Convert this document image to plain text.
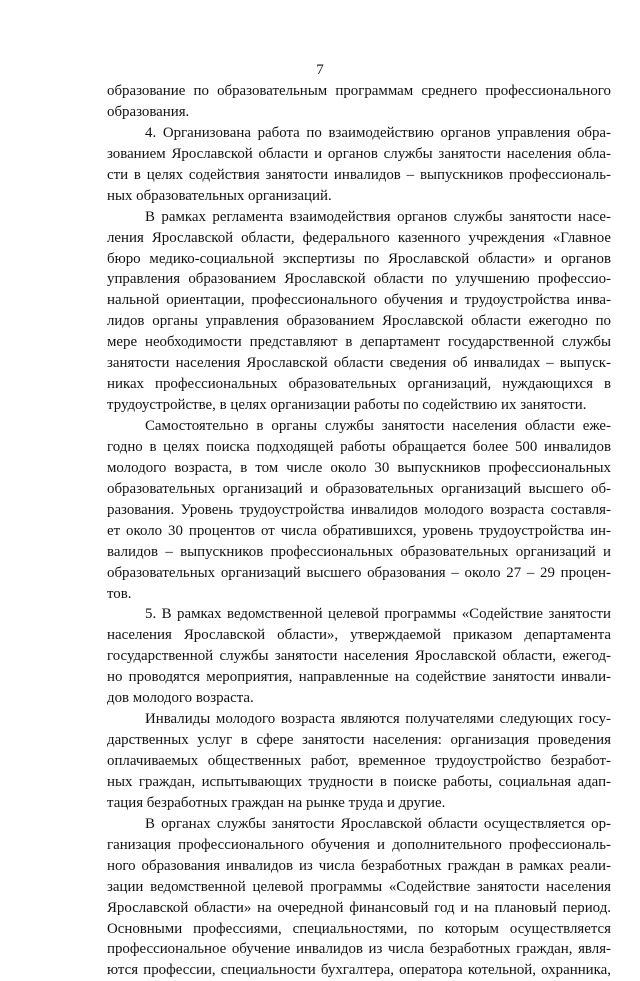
7
образование по образовательным программам среднего профессионального
образования.
4. Организована работа по взаимодействию органов управления обра-
зованием Ярославской области и органов службы занятости населения обла-
сти в целях содействия занятости инвалидов – выпускников профессиональ-
ных образовательных организаций.
В рамках регламента взаимодействия органов службы занятости насе-
ления Ярославской области, федерального казенного учреждения «Главное
бюро медико-социальной экспертизы по Ярославской области» и органов
управления образованием Ярославской области по улучшению профессио-
нальной ориентации, профессионального обучения и трудоустройства инва-
лидов органы управления образованием Ярославской области ежегодно по
мере необходимости представляют в департамент государственной службы
занятости населения Ярославской области сведения об инвалидах – выпуск-
никах профессиональных образовательных организаций, нуждающихся в
трудоустройстве, в целях организации работы по содействию их занятости.
Самостоятельно в органы службы занятости населения области еже-
годно в целях поиска подходящей работы обращается более 500 инвалидов
молодого возраста, в том числе около 30 выпускников профессиональных
образовательных организаций и образовательных организаций высшего об-
разования. Уровень трудоустройства инвалидов молодого возраста составля-
ет около 30 процентов от числа обратившихся, уровень трудоустройства ин-
валидов – выпускников профессиональных образовательных организаций и
образовательных организаций высшего образования – около 27 – 29 процен-
тов.
5. В рамках ведомственной целевой программы «Содействие занятости
населения Ярославской области», утверждаемой приказом департамента
государственной службы занятости населения Ярославской области, ежегод-
но проводятся мероприятия, направленные на содействие занятости инвали-
дов молодого возраста.
Инвалиды молодого возраста являются получателями следующих госу-
дарственных услуг в сфере занятости населения: организация проведения
оплачиваемых общественных работ, временное трудоустройство безработ-
ных граждан, испытывающих трудности в поиске работы, социальная адап-
тация безработных граждан на рынке труда и другие.
В органах службы занятости Ярославской области осуществляется ор-
ганизация профессионального обучения и дополнительного профессиональ-
ного образования инвалидов из числа безработных граждан в рамках реали-
зации ведомственной целевой программы «Содействие занятости населения
Ярославской области» на очередной финансовый год и на плановый период.
Основными профессиями, специальностями, по которым осуществляется
профессиональное обучение инвалидов из числа безработных граждан, явля-
ются профессии, специальности бухгалтера, оператора котельной, охранника,
